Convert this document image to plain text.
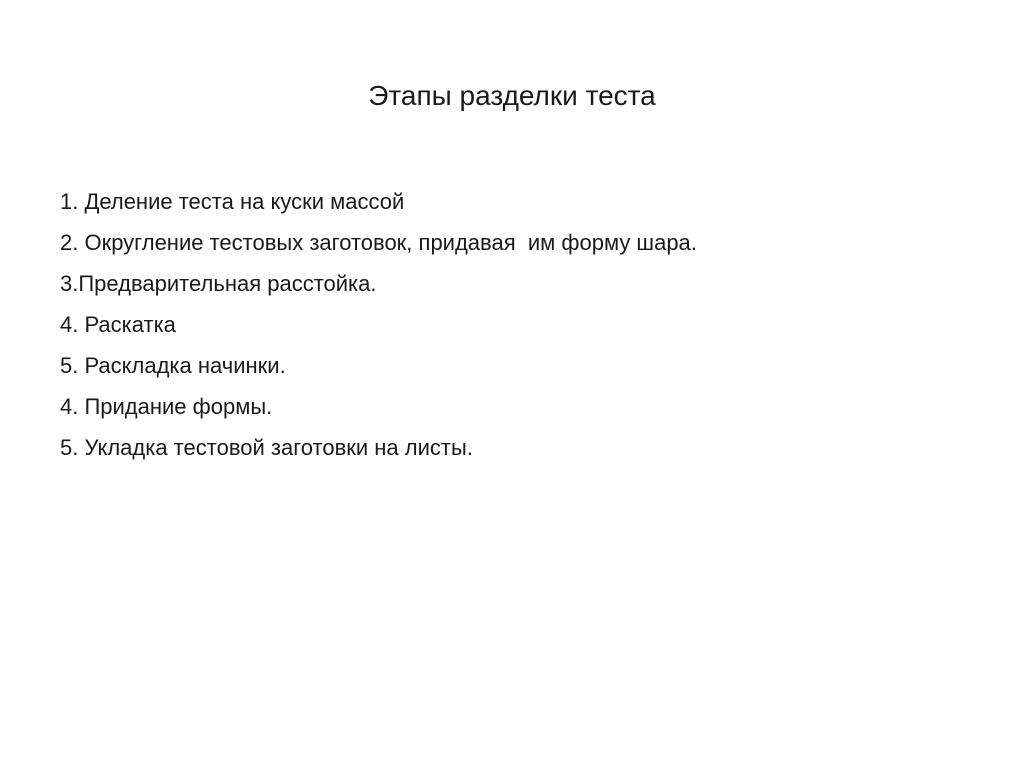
Этапы разделки теста
1. Деление теста на куски массой
2. Округление тестовых заготовок, придавая  им форму шара.
3.Предварительная расстойка.
4. Раскатка
5. Раскладка начинки.
4. Придание формы.
5. Укладка тестовой заготовки на листы.
